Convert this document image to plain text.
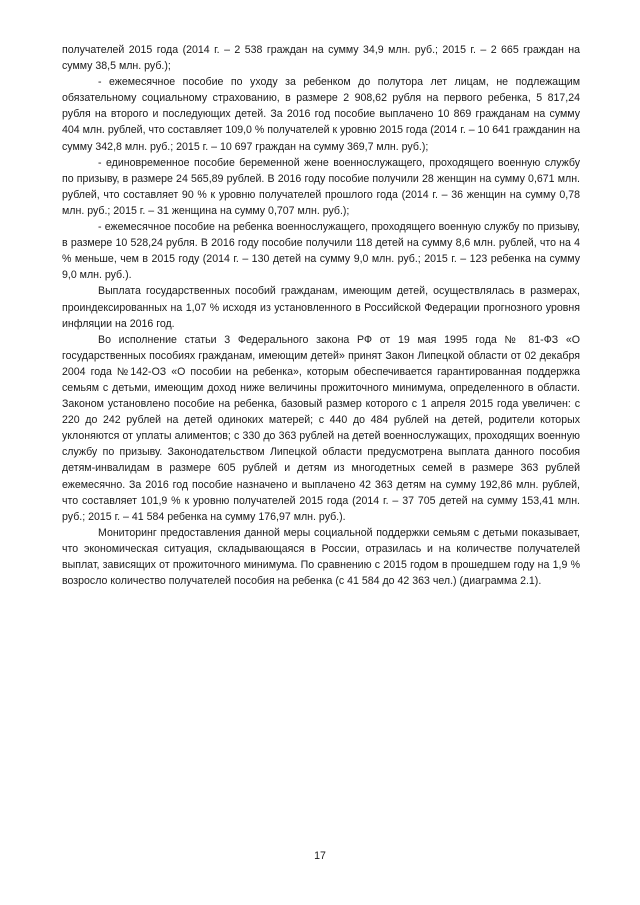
получателей 2015 года (2014 г. – 2 538 граждан на сумму 34,9 млн. руб.; 2015 г. – 2 665 граждан на сумму 38,5 млн. руб.);

- ежемесячное пособие по уходу за ребенком до полутора лет лицам, не подлежащим обязательному социальному страхованию, в размере 2 908,62 рубля на первого ребенка, 5 817,24 рубля на второго и последующих детей. За 2016 год пособие выплачено 10 869 гражданам на сумму 404 млн. рублей, что составляет 109,0 % получателей к уровню 2015 года (2014 г. – 10 641 гражданин на сумму 342,8 млн. руб.; 2015 г. – 10 697 граждан на сумму 369,7 млн. руб.);

- единовременное пособие беременной жене военнослужащего, проходящего военную службу по призыву, в размере 24 565,89 рублей. В 2016 году пособие получили 28 женщин на сумму 0,671 млн. рублей, что составляет 90 % к уровню получателей прошлого года (2014 г. – 36 женщин на сумму 0,78 млн. руб.; 2015 г. – 31 женщина на сумму 0,707 млн. руб.);

- ежемесячное пособие на ребенка военнослужащего, проходящего военную службу по призыву, в размере 10 528,24 рубля. В 2016 году пособие получили 118 детей на сумму 8,6 млн. рублей, что на 4 % меньше, чем в 2015 году (2014 г. – 130 детей на сумму 9,0 млн. руб.; 2015 г. – 123 ребенка на сумму 9,0 млн. руб.).

Выплата государственных пособий гражданам, имеющим детей, осуществлялась в размерах, проиндексированных на 1,07 % исходя из установленного в Российской Федерации прогнозного уровня инфляции на 2016 год.

Во исполнение статьи 3 Федерального закона РФ от 19 мая 1995 года № 81-ФЗ «О государственных пособиях гражданам, имеющим детей» принят Закон Липецкой области от 02 декабря 2004 года №142-ОЗ «О пособии на ребенка», которым обеспечивается гарантированная поддержка семьям с детьми, имеющим доход ниже величины прожиточного минимума, определенного в области. Законом установлено пособие на ребенка, базовый размер которого с 1 апреля 2015 года увеличен: с 220 до 242 рублей на детей одиноких матерей; с 440 до 484 рублей на детей, родители которых уклоняются от уплаты алиментов; с 330 до 363 рублей на детей военнослужащих, проходящих военную службу по призыву. Законодательством Липецкой области предусмотрена выплата данного пособия детям-инвалидам в размере 605 рублей и детям из многодетных семей в размере 363 рублей ежемесячно. За 2016 год пособие назначено и выплачено 42 363 детям на сумму 192,86 млн. рублей, что составляет 101,9 % к уровню получателей 2015 года (2014 г. – 37 705 детей на сумму 153,41 млн. руб.; 2015 г. – 41 584 ребенка на сумму 176,97 млн. руб.).

Мониторинг предоставления данной меры социальной поддержки семьям с детьми показывает, что экономическая ситуация, складывающаяся в России, отразилась и на количестве получателей выплат, зависящих от прожиточного минимума. По сравнению с 2015 годом в прошедшем году на 1,9 % возросло количество получателей пособия на ребенка (с 41 584 до 42 363 чел.) (диаграмма 2.1).

17
